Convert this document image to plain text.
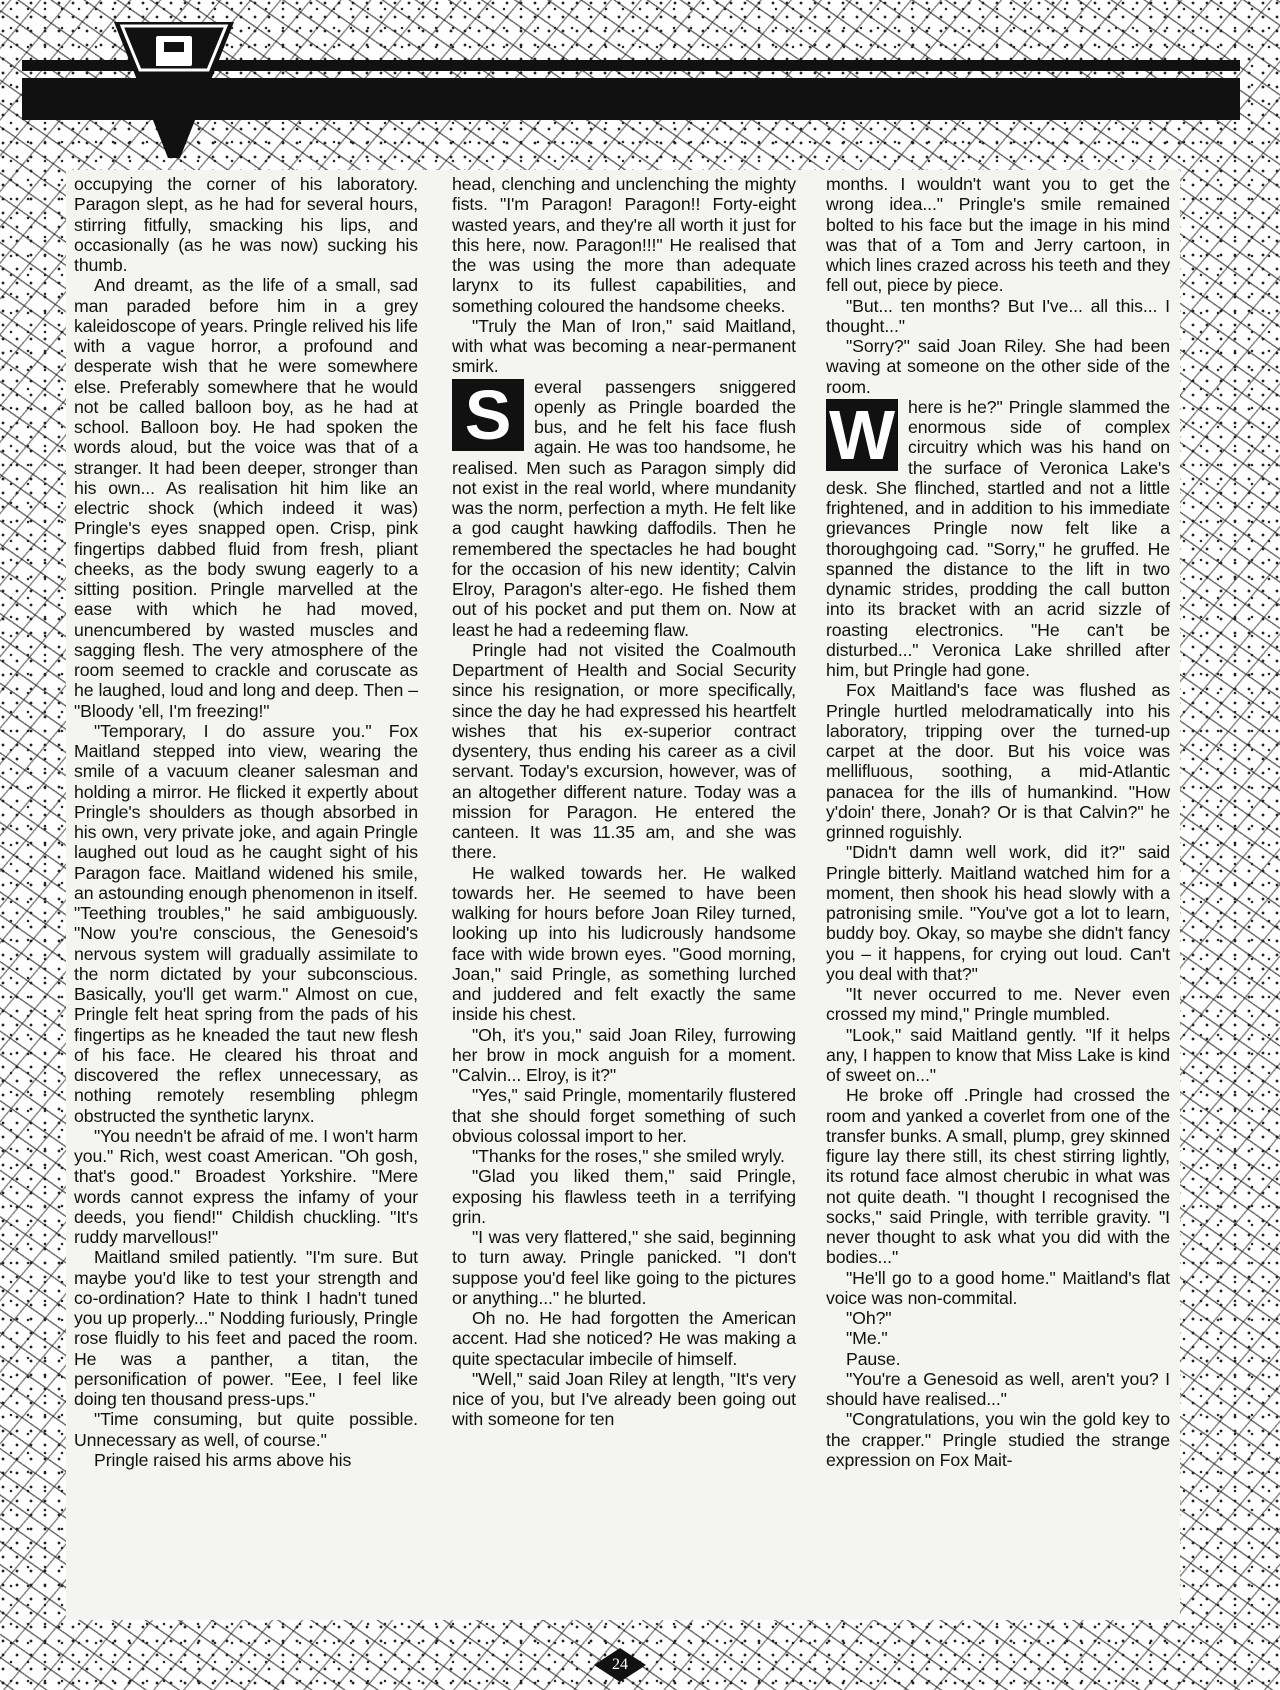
P

occupying the corner of his laboratory. Paragon slept, as he had for several hours, stirring fitfully, smacking his lips, and occasionally (as he was now) sucking his thumb.

And dreamt, as the life of a small, sad man paraded before him in a grey kaleidoscope of years. Pringle relived his life with a vague horror, a profound and desperate wish that he were somewhere else. Preferably somewhere that he would not be called balloon boy, as he had at school. Balloon boy. He had spoken the words aloud, but the voice was that of a stranger. It had been deeper, stronger than his own... As realisation hit him like an electric shock (which indeed it was) Pringle's eyes snapped open. Crisp, pink fingertips dabbed fluid from fresh, pliant cheeks, as the body swung eagerly to a sitting position. Pringle marvelled at the ease with which he had moved, unencumbered by wasted muscles and sagging flesh. The very atmosphere of the room seemed to crackle and coruscate as he laughed, loud and long and deep. Then – "Bloody 'ell, I'm freezing!"

"Temporary, I do assure you." Fox Maitland stepped into view, wearing the smile of a vacuum cleaner salesman and holding a mirror. He flicked it expertly about Pringle's shoulders as though absorbed in his own, very private joke, and again Pringle laughed out loud as he caught sight of his Paragon face. Maitland widened his smile, an astounding enough phenomenon in itself. "Teething troubles," he said ambiguously. "Now you're conscious, the Genesoid's nervous system will gradually assimilate to the norm dictated by your subconscious. Basically, you'll get warm." Almost on cue, Pringle felt heat spring from the pads of his fingertips as he kneaded the taut new flesh of his face. He cleared his throat and discovered the reflex unnecessary, as nothing remotely resembling phlegm obstructed the synthetic larynx.

"You needn't be afraid of me. I won't harm you." Rich, west coast American. "Oh gosh, that's good." Broadest Yorkshire. "Mere words cannot express the infamy of your deeds, you fiend!" Childish chuckling. "It's ruddy marvellous!"

Maitland smiled patiently. "I'm sure. But maybe you'd like to test your strength and co-ordination? Hate to think I hadn't tuned you up properly..." Nodding furiously, Pringle rose fluidly to his feet and paced the room. He was a panther, a titan, the personification of power. "Eee, I feel like doing ten thousand press-ups."

"Time consuming, but quite possible. Unnecessary as well, of course."

Pringle raised his arms above his

head, clenching and unclenching the mighty fists. "I'm Paragon! Paragon!! Forty-eight wasted years, and they're all worth it just for this here, now. Paragon!!!" He realised that the was using the more than adequate larynx to its fullest capabilities, and something coloured the handsome cheeks.

"Truly the Man of Iron," said Maitland, with what was becoming a near-permanent smirk.

S	everal passengers sniggered openly as Pringle boarded the bus, and he felt his face flush again. He was too handsome, he realised. Men such as Paragon simply did not exist in the real world, where mundanity was the norm, perfection a myth. He felt like a god caught hawking daffodils. Then he remembered the spectacles he had bought for the occasion of his new identity; Calvin Elroy, Paragon's alter-ego. He fished them out of his pocket and put them on. Now at least he had a redeeming flaw.

Pringle had not visited the Coalmouth Department of Health and Social Security since his resignation, or more specifically, since the day he had expressed his heartfelt wishes that his ex-superior contract dysentery, thus ending his career as a civil servant. Today's excursion, however, was of an altogether different nature. Today was a mission for Paragon. He entered the canteen. It was 11.35 am, and she was there.

He walked towards her. He walked towards her. He seemed to have been walking for hours before Joan Riley turned, looking up into his ludicrously handsome face with wide brown eyes. "Good morning, Joan," said Pringle, as something lurched and juddered and felt exactly the same inside his chest.

"Oh, it's you," said Joan Riley, furrowing her brow in mock anguish for a moment. "Calvin... Elroy, is it?"

"Yes," said Pringle, momentarily flustered that she should forget something of such obvious colossal import to her.

"Thanks for the roses," she smiled wryly.

"Glad you liked them," said Pringle, exposing his flawless teeth in a terrifying grin.

"I was very flattered," she said, beginning to turn away. Pringle panicked. "I don't suppose you'd feel like going to the pictures or anything..." he blurted.

Oh no. He had forgotten the American accent. Had she noticed? He was making a quite spectacular imbecile of himself.

"Well," said Joan Riley at length, "It's very nice of you, but I've already been going out with someone for ten

months. I wouldn't want you to get the wrong idea..." Pringle's smile remained bolted to his face but the image in his mind was that of a Tom and Jerry cartoon, in which lines crazed across his teeth and they fell out, piece by piece.

"But... ten months? But I've... all this... I thought..."

"Sorry?" said Joan Riley. She had been waving at someone on the other side of the room.

W here is he?" Pringle slammed the enormous side of complex circuitry which was his hand on the surface of Veronica Lake's desk. She flinched, startled and not a little frightened, and in addition to his immediate grievances Pringle now felt like a thoroughgoing cad. "Sorry," he gruffed. He spanned the distance to the lift in two dynamic strides, prodding the call button into its bracket with an acrid sizzle of roasting electronics. "He can't be disturbed..." Veronica Lake shrilled after him, but Pringle had gone.

Fox Maitland's face was flushed as Pringle hurtled melodramatically into his laboratory, tripping over the turned-up carpet at the door. But his voice was mellifluous, soothing, a mid-Atlantic panacea for the ills of humankind. "How y'doin' there, Jonah? Or is that Calvin?" he grinned roguishly.

"Didn't damn well work, did it?" said Pringle bitterly. Maitland watched him for a moment, then shook his head slowly with a patronising smile. "You've got a lot to learn, buddy boy. Okay, so maybe she didn't fancy you – it happens, for crying out loud. Can't you deal with that?"

"It never occurred to me. Never even crossed my mind," Pringle mumbled.

"Look," said Maitland gently. "If it helps any, I happen to know that Miss Lake is kind of sweet on..."

He broke off .Pringle had crossed the room and yanked a coverlet from one of the transfer bunks. A small, plump, grey skinned figure lay there still, its chest stirring lightly, its rotund face almost cherubic in what was not quite death. "I thought I recognised the socks," said Pringle, with terrible gravity. "I never thought to ask what you did with the bodies..."

"He'll go to a good home." Maitland's flat voice was non-commital.

"Oh?"

"Me."

Pause.

"You're a Genesoid as well, aren't you? I should have realised..."

"Congratulations, you win the gold key to the crapper." Pringle studied the strange expression on Fox Mait-

24
